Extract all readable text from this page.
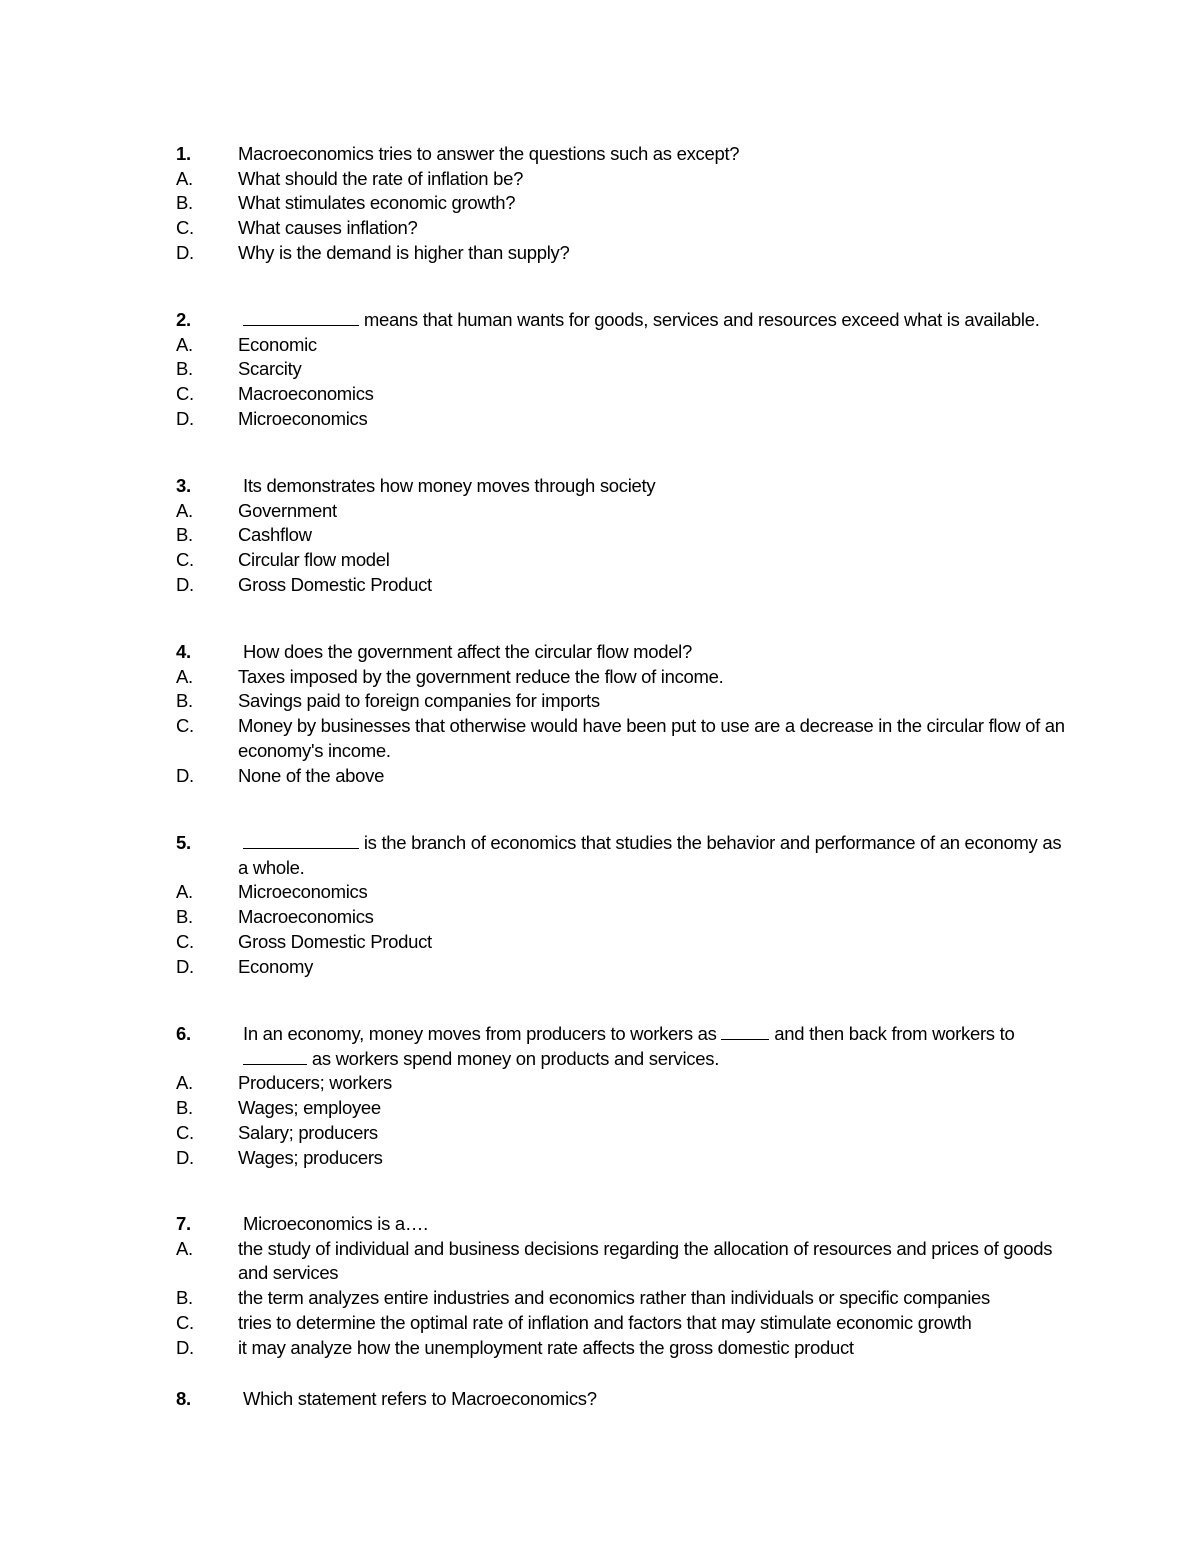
1.	Macroeconomics tries to answer the questions such as except?
A.	What should the rate of inflation be?
B.	What stimulates economic growth?
C.	What causes inflation?
D.	Why is the demand is higher than supply?
2.	means that human wants for goods, services and resources exceed what is available.
A.	Economic
B.	Scarcity
C.	Macroeconomics
D.	Microeconomics
3.	Its demonstrates how money moves through society
A.	Government
B.	Cashflow
C.	Circular flow model
D.	Gross Domestic Product
4.	How does the government affect the circular flow model?
A.	Taxes imposed by the government reduce the flow of income.
B.	Savings paid to foreign companies for imports
C.	Money by businesses that otherwise would have been put to use are a decrease in the circular flow of an economy's income.
D.	None of the above
5.	is the branch of economics that studies the behavior and performance of an economy as a whole.
A.	Microeconomics
B.	Macroeconomics
C.	Gross Domestic Product
D.	Economy
6.	In an economy, money moves from producers to workers as	and then back from workers to
as workers spend money on products and services.
A.	Producers; workers
B.	Wages; employee
C.	Salary; producers
D.	Wages; producers
7.	Microeconomics is a….
A.	the study of individual and business decisions regarding the allocation of resources and prices of goods and services
B.	the term analyzes entire industries and economics rather than individuals or specific companies
C.	tries to determine the optimal rate of inflation and factors that may stimulate economic growth
D.	it may analyze how the unemployment rate affects the gross domestic product
8.	Which statement refers to Macroeconomics?
